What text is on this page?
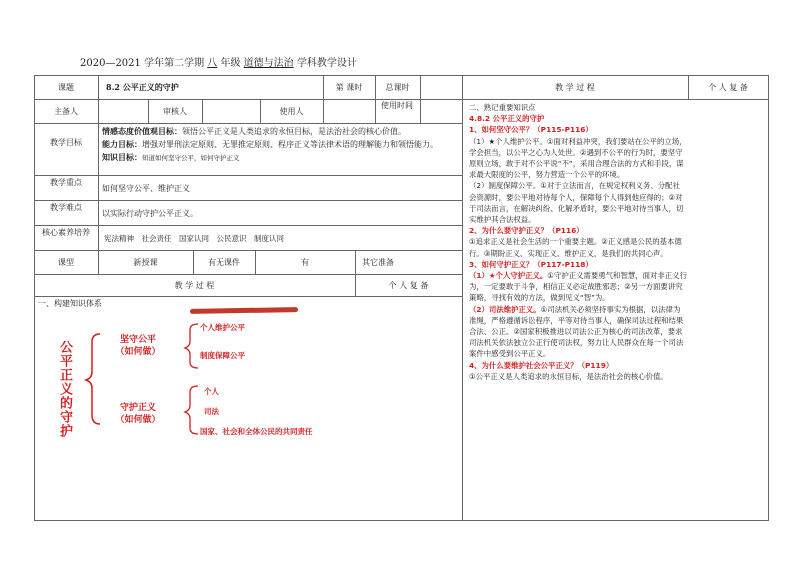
2020—2021 学年第二学期 八 年级 道德与法治 学科教学设计
课题	8.2 公平正义的守护	第 课时	总课时	教 学 过 程	个 人 复 备
主备人	审核人	使用人
使用时间
教学目标
情感态度价值观目标：领悟公平正义是人类追求的永恒目标，是法治社会的核心价值。
能力目标：增强对罪刑法定原则、无罪推定原则、程序正义等法律术语的理解能力和领悟能力。
知识目标：知道如何坚守公平，如何守护正义
教学重点
如何坚守公平、维护正义
教学难点
以实际行动守护公平正义。
核心素养培养
宪法精神　社会责任　国家认同　公民意识　制度认同
课型	新授课	有无课件	有	其它准备
教 学 过 程	个 人 复 备
一、构建知识体系
公平正义的守护	坚守公平
（如何做）
守护正义
（如何做）
个人维护公平
制度保障公平
个人
司法
国家、社会和全体公民的共同责任

二、熟记重要知识点

4.8.2 公平正义的守护

1、如何坚守公平？（P115-P116）

（1）★个人维护公平。①面对利益冲突，我们要站在公平的立场，学会担当，以公平之心为人处世。②遇到不公平的行为时，要坚守原则立场，敢于对不公平说“不”，采用合理合法的方式和手段，谋求最大限度的公平，努力营造一个公平的环境。

（2）制度保障公平。①对于立法而言，在规定权利义务、分配社会资源时，要公平地对待每个人，保障每个人得到他应得的；②对于司法而言，在解决纠纷、化解矛盾时，要公平地对待当事人，切实维护其合法权益。

2、为什么要守护正义？（P116）

①追求正义是社会生活的一个重要主题。②正义感是公民的基本德行。③期盼正义、实现正义、维护正义，是我们的共同心声。

3、如何守护正义？（P117-P118）

（1）★个人守护正义。①守护正义需要勇气和智慧，面对非正义行为，一定要敢于斗争，相信正义必定战胜邪恶；②另一方面要讲究策略，寻找有效的方法，做到见义“智”为。

（2）司法维护正义。①司法机关必须坚持事实为根据，以法律为准绳，严格遵循诉讼程序，平等对待当事人，确保司法过程和结果合法、公正。②国家积极推进以司法公正为核心的司法改革，要求司法机关依法独立公正行使司法权，努力让人民群众在每一个司法案件中感受到公平正义。

4、为什么要维护社会公平正义？（P119）

①公平正义是人类追求的永恒目标，是法治社会的核心价值。
